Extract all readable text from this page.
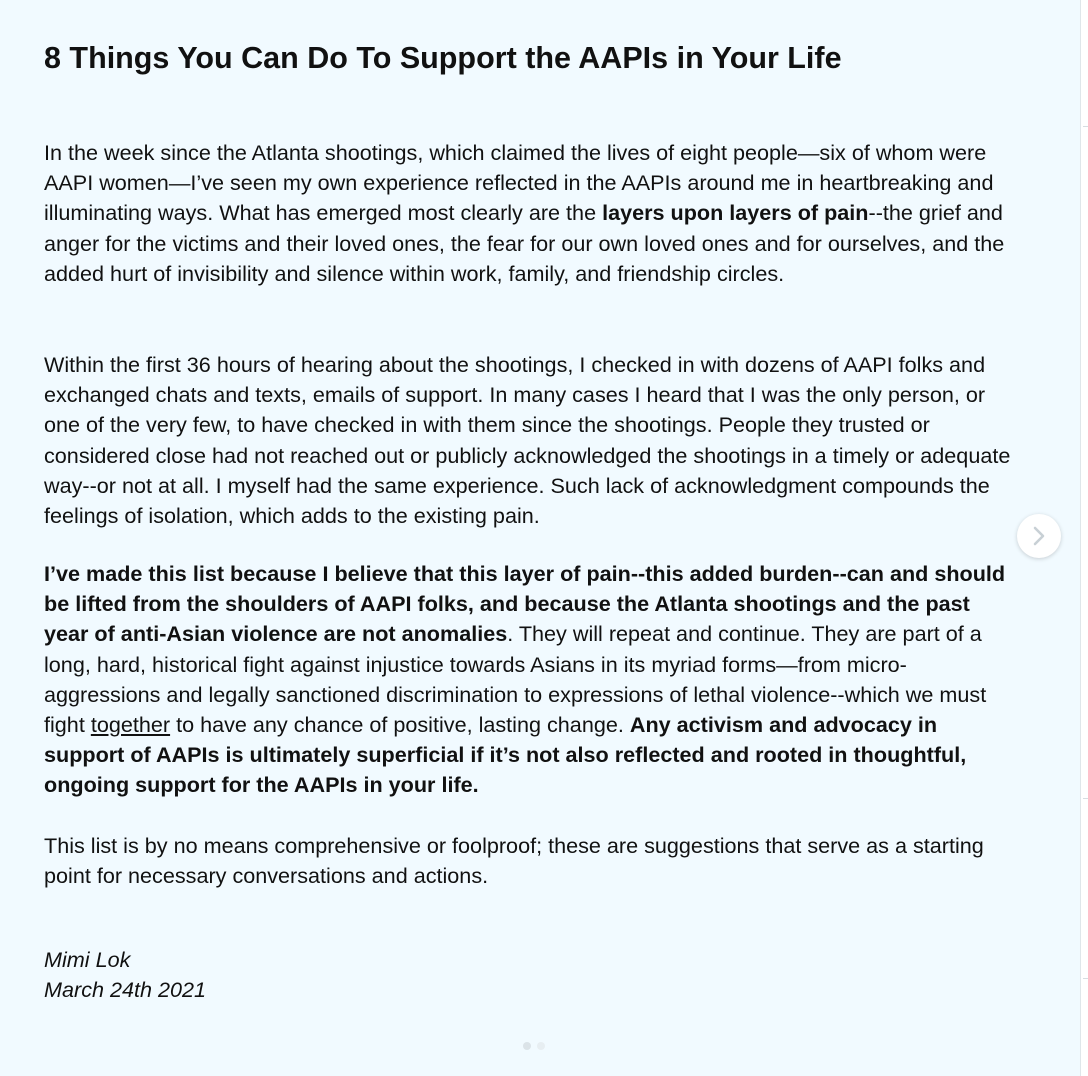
8 Things You Can Do To Support the AAPIs in Your Life

In the week since the Atlanta shootings, which claimed the lives of eight people—six of whom were AAPI women—I’ve seen my own experience reflected in the AAPIs around me in heartbreaking and illuminating ways. What has emerged most clearly are the layers upon layers of pain--the grief and anger for the victims and their loved ones, the fear for our own loved ones and for ourselves, and the added hurt of invisibility and silence within work, family, and friendship circles.

Within the first 36 hours of hearing about the shootings, I checked in with dozens of AAPI folks and exchanged chats and texts, emails of support. In many cases I heard that I was the only person, or one of the very few, to have checked in with them since the shootings. People they trusted or considered close had not reached out or publicly acknowledged the shootings in a timely or adequate way--or not at all. I myself had the same experience. Such lack of acknowledgment compounds the feelings of isolation, which adds to the existing pain.

I’ve made this list because I believe that this layer of pain--this added burden--can and should be lifted from the shoulders of AAPI folks, and because the Atlanta shootings and the past year of anti-Asian violence are not anomalies. They will repeat and continue. They are part of a long, hard, historical fight against injustice towards Asians in its myriad forms—from micro-aggressions and legally sanctioned discrimination to expressions of lethal violence--which we must fight together to have any chance of positive, lasting change. Any activism and advocacy in support of AAPIs is ultimately superficial if it’s not also reflected and rooted in thoughtful, ongoing support for the AAPIs in your life.

This list is by no means comprehensive or foolproof; these are suggestions that serve as a starting point for necessary conversations and actions.

Mimi Lok
March 24th 2021
